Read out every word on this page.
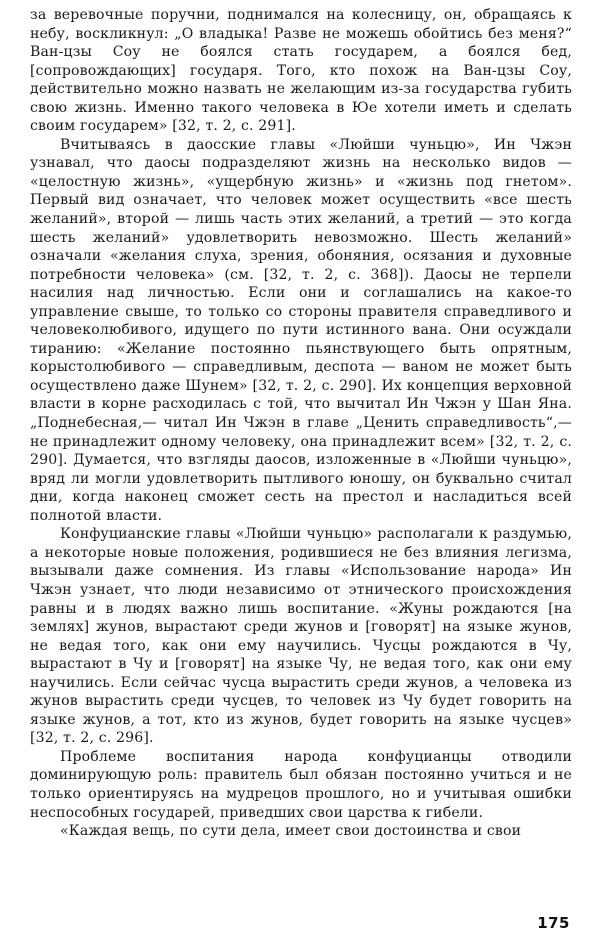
за веревочные поручни, поднимался на колесницу, он, обращаясь к небу, воскликнул: „О владыка! Разве не можешь обойтись без меня?“ Ван-цзы Соу не боялся стать государем, а боялся бед, [сопровождающих] государя. Того, кто похож на Ван-цзы Соу, действительно можно назвать не желающим из-за государства губить свою жизнь. Именно такого человека в Юе хотели иметь и сделать своим государем» [32, т. 2, с. 291].

Вчитываясь в даосские главы «Люйши чуньцю», Ин Чжэн узнавал, что даосы подразделяют жизнь на несколько видов — «целостную жизнь», «ущербную жизнь» и «жизнь под гнетом». Первый вид означает, что человек может осуществить «все шесть желаний», второй — лишь часть этих желаний, а третий — это когда шесть желаний» удовлетворить невозможно. Шесть желаний» означали «желания слуха, зрения, обоняния, осязания и духовные потребности человека» (см. [32, т. 2, с. 368]). Даосы не терпели насилия над личностью. Если они и соглашались на какое-то управление свыше, то только со стороны правителя справедливого и человеколюбивого, идущего по пути истинного вана. Они осуждали тиранию: «Желание постоянно пьянствующего быть опрятным, корыстолюбивого — справедливым, деспота — ваном не может быть осуществлено даже Шунем» [32, т. 2, с. 290]. Их концепция верховной власти в корне расходилась с той, что вычитал Ин Чжэн у Шан Яна. „Поднебесная,— читал Ин Чжэн в главе „Ценить справедливость“,— не принадлежит одному человеку, она принадлежит всем» [32, т. 2, с. 290]. Думается, что взгляды даосов, изложенные в «Люйши чуньцю», вряд ли могли удовлетворить пытливого юношу, он буквально считал дни, когда наконец сможет сесть на престол и насладиться всей полнотой власти.

Конфуцианские главы «Люйши чуньцю» располагали к раздумью, а некоторые новые положения, родившиеся не без влияния легизма, вызывали даже сомнения. Из главы «Использование народа» Ин Чжэн узнает, что люди независимо от этнического происхождения равны и в людях важно лишь воспитание. «Жуны рождаются [на землях] жунов, вырастают среди жунов и [говорят] на языке жунов, не ведая того, как они ему научились. Чусцы рождаются в Чу, вырастают в Чу и [говорят] на языке Чу, не ведая того, как они ему научились. Если сейчас чусца вырастить среди жунов, а человека из жунов вырастить среди чусцев, то человек из Чу будет говорить на языке жунов, а тот, кто из жунов, будет говорить на языке чусцев» [32, т. 2, с. 296].

Проблеме воспитания народа конфуцианцы отводили доминирующую роль: правитель был обязан постоянно учиться и не только ориентируясь на мудрецов прошлого, но и учитывая ошибки неспособных государей, приведших свои царства к гибели.

«Каждая вещь, по сути дела, имеет свои достоинства и свои

175
